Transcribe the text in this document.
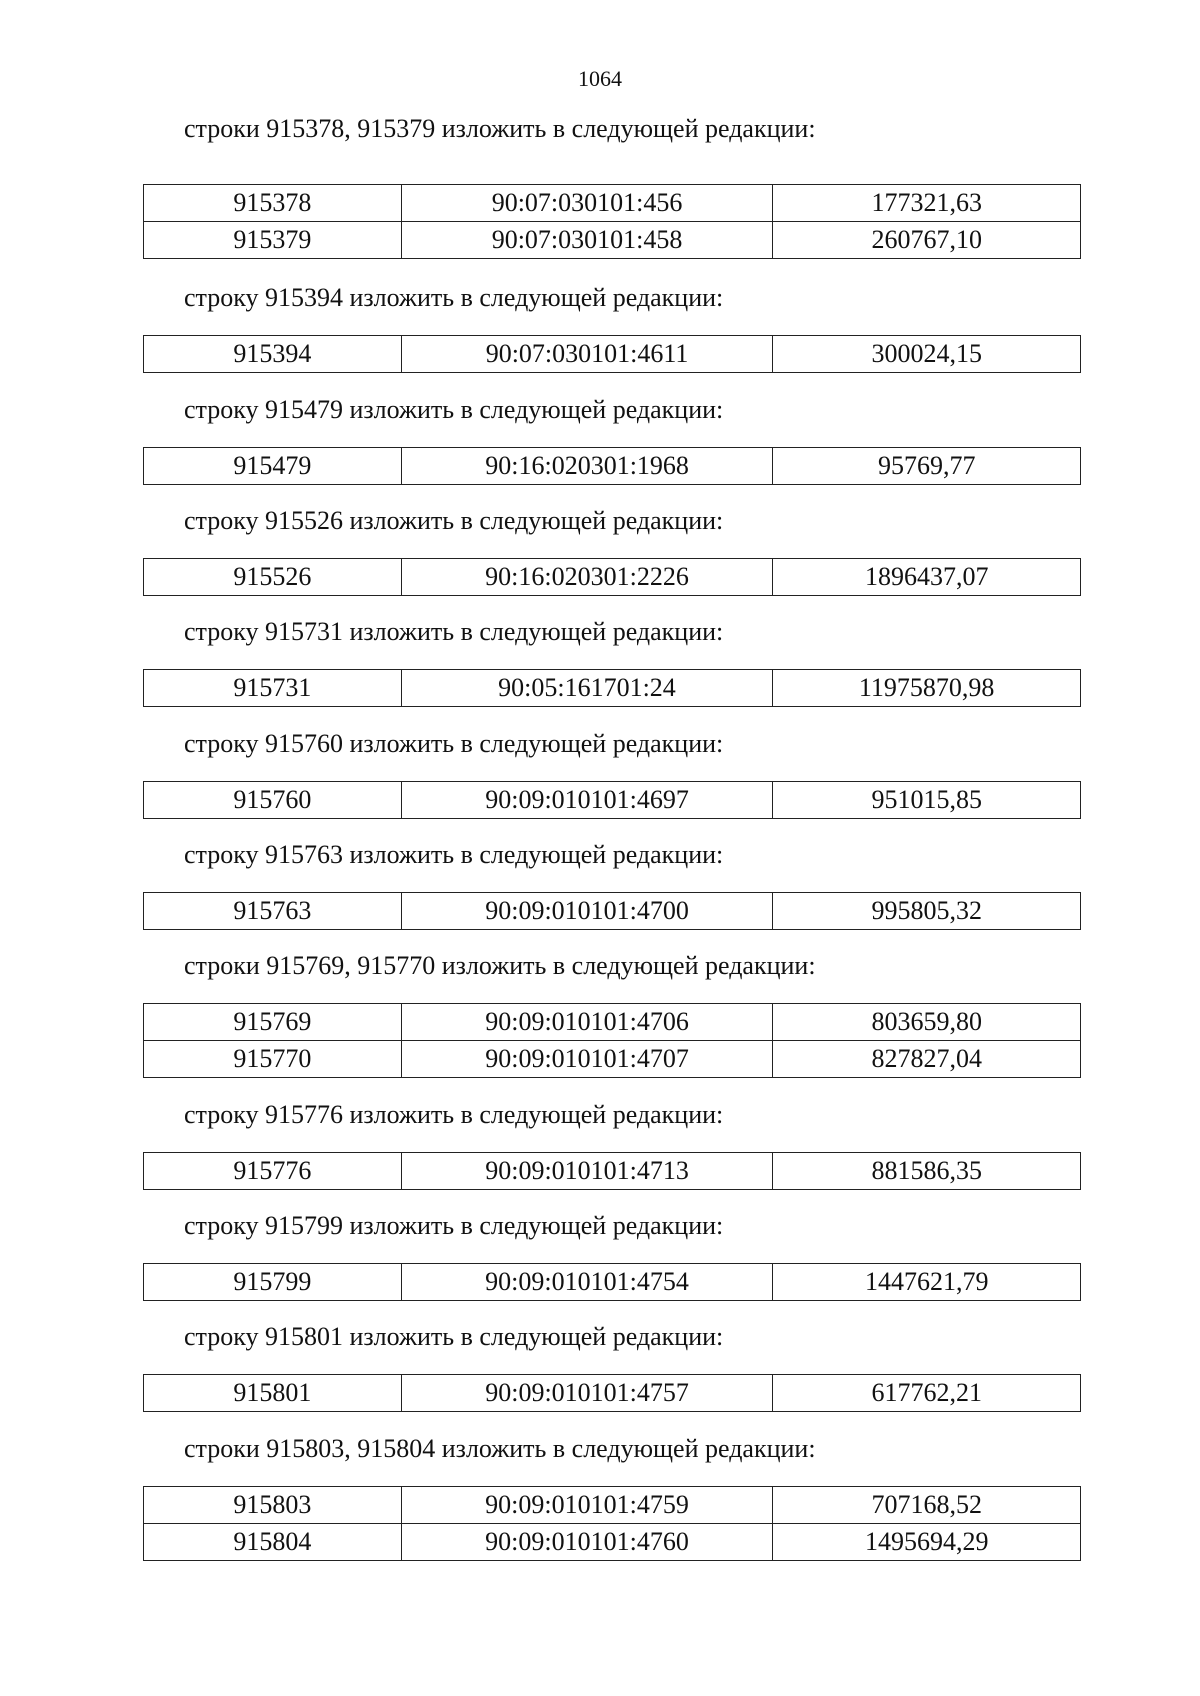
1064
строки 915378, 915379 изложить в следующей редакции:
915378	90:07:030101:456	177321,63
915379	90:07:030101:458	260767,10
строку 915394 изложить в следующей редакции:
915394	90:07:030101:4611	300024,15
строку 915479 изложить в следующей редакции:
915479	90:16:020301:1968	95769,77
строку 915526 изложить в следующей редакции:
915526	90:16:020301:2226	1896437,07
строку 915731 изложить в следующей редакции:
915731	90:05:161701:24	11975870,98
строку 915760 изложить в следующей редакции:
915760	90:09:010101:4697	951015,85
строку 915763 изложить в следующей редакции:
915763	90:09:010101:4700	995805,32
строки 915769, 915770 изложить в следующей редакции:
915769	90:09:010101:4706	803659,80
915770	90:09:010101:4707	827827,04
строку 915776 изложить в следующей редакции:
915776	90:09:010101:4713	881586,35
строку 915799 изложить в следующей редакции:
915799	90:09:010101:4754	1447621,79
строку 915801 изложить в следующей редакции:
915801	90:09:010101:4757	617762,21
строки 915803, 915804 изложить в следующей редакции:
915803	90:09:010101:4759	707168,52
915804	90:09:010101:4760	1495694,29
